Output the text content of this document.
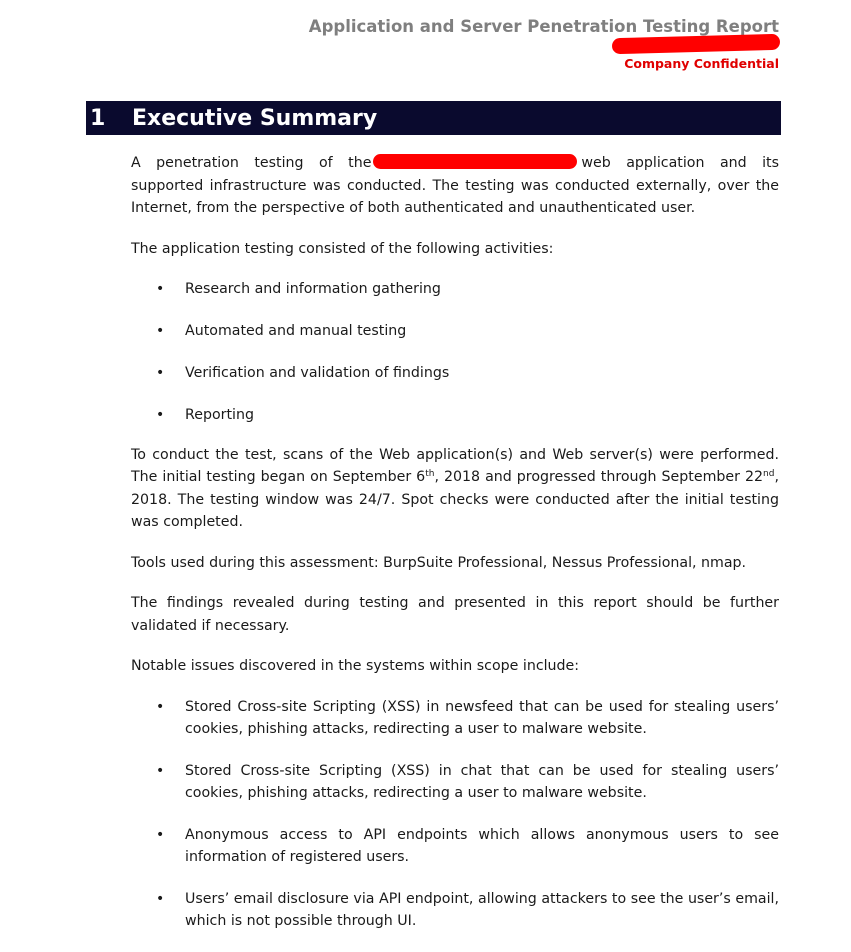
Application and Server Penetration Testing Report
Company Confidential
1	Executive Summary

A penetration testing of the	web application and its supported infrastructure was conducted. The testing was conducted externally, over the Internet, from the perspective of both authenticated and unauthenticated user.

The application testing consisted of the following activities:

• Research and information gathering
• Automated and manual testing
• Verification and validation of findings
• Reporting

To conduct the test, scans of the Web application(s) and Web server(s) were performed. The initial testing began on September 6th, 2018 and progressed through September 22nd, 2018. The testing window was 24/7. Spot checks were conducted after the initial testing was completed.

Tools used during this assessment: BurpSuite Professional, Nessus Professional, nmap.

The findings revealed during testing and presented in this report should be further validated if necessary.

Notable issues discovered in the systems within scope include:

• Stored Cross-site Scripting (XSS) in newsfeed that can be used for stealing users’ cookies, phishing attacks, redirecting a user to malware website.
• Stored Cross-site Scripting (XSS) in chat that can be used for stealing users’ cookies, phishing attacks, redirecting a user to malware website.
• Anonymous access to API endpoints which allows anonymous users to see information of registered users.
• Users’ email disclosure via API endpoint, allowing attackers to see the user’s email, which is not possible through UI.
